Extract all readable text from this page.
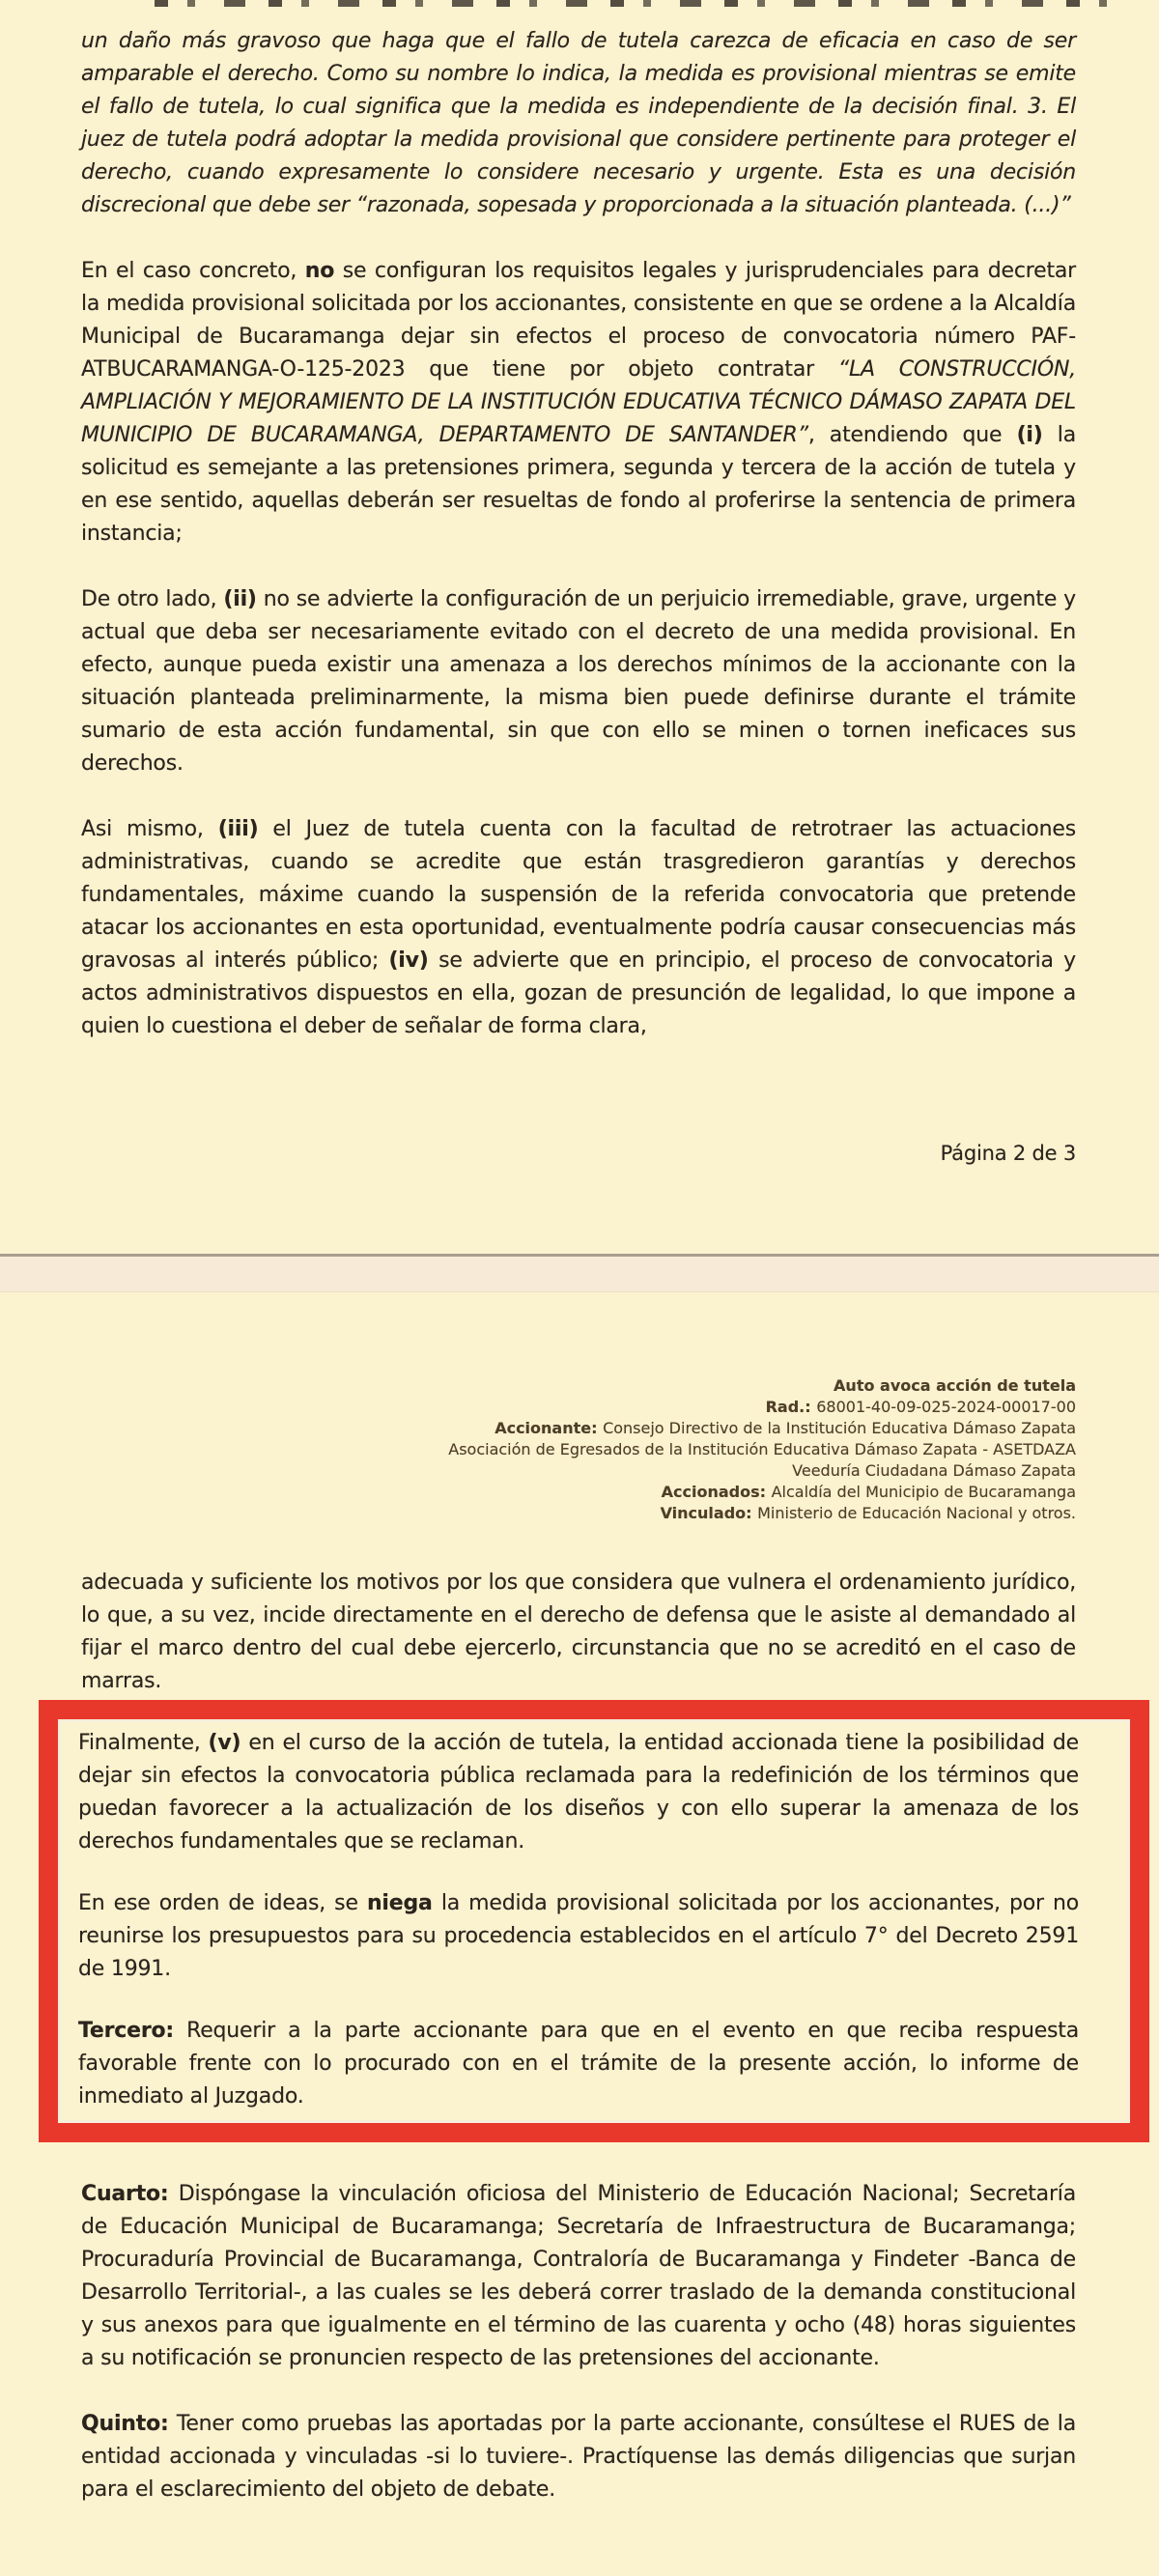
un daño más gravoso que haga que el fallo de tutela carezca de eficacia en caso de ser amparable el derecho. Como su nombre lo indica, la medida es provisional mientras se emite el fallo de tutela, lo cual significa que la medida es independiente de la decisión final. 3. El juez de tutela podrá adoptar la medida provisional que considere pertinente para proteger el derecho, cuando expresamente lo considere necesario y urgente. Esta es una decisión discrecional que debe ser “razonada, sopesada y proporcionada a la situación planteada. (...)”

En el caso concreto, no se configuran los requisitos legales y jurisprudenciales para decretar la medida provisional solicitada por los accionantes, consistente en que se ordene a la Alcaldía Municipal de Bucaramanga dejar sin efectos el proceso de convocatoria número PAF- ATBUCARAMANGA-O-125-2023 que tiene por objeto contratar “LA CONSTRUCCIÓN, AMPLIACIÓN Y MEJORAMIENTO DE LA INSTITUCIÓN EDUCATIVA TÉCNICO DÁMASO ZAPATA DEL MUNICIPIO DE BUCARAMANGA, DEPARTAMENTO DE SANTANDER”, atendiendo que (i) la solicitud es semejante a las pretensiones primera, segunda y tercera de la acción de tutela y en ese sentido, aquellas deberán ser resueltas de fondo al proferirse la sentencia de primera instancia;

De otro lado, (ii) no se advierte la configuración de un perjuicio irremediable, grave, urgente y actual que deba ser necesariamente evitado con el decreto de una medida provisional. En efecto, aunque pueda existir una amenaza a los derechos mínimos de la accionante con la situación planteada preliminarmente, la misma bien puede definirse durante el trámite sumario de esta acción fundamental, sin que con ello se minen o tornen ineficaces sus derechos.

Asi mismo, (iii) el Juez de tutela cuenta con la facultad de retrotraer las actuaciones administrativas, cuando se acredite que están trasgredieron garantías y derechos fundamentales, máxime cuando la suspensión de la referida convocatoria que pretende atacar los accionantes en esta oportunidad, eventualmente podría causar consecuencias más gravosas al interés público; (iv) se advierte que en principio, el proceso de convocatoria y actos administrativos dispuestos en ella, gozan de presunción de legalidad, lo que impone a quien lo cuestiona el deber de señalar de forma clara,

Página 2 de 3
Auto avoca acción de tutela
Rad.: 68001-40-09-025-2024-00017-00
Accionante: Consejo Directivo de la Institución Educativa Dámaso Zapata
Asociación de Egresados de la Institución Educativa Dámaso Zapata - ASETDAZA
Veeduría Ciudadana Dámaso Zapata
Accionados: Alcaldía del Municipio de Bucaramanga
Vinculado: Ministerio de Educación Nacional y otros.

adecuada y suficiente los motivos por los que considera que vulnera el ordenamiento jurídico, lo que, a su vez, incide directamente en el derecho de defensa que le asiste al demandado al fijar el marco dentro del cual debe ejercerlo, circunstancia que no se acreditó en el caso de marras.

Finalmente, (v) en el curso de la acción de tutela, la entidad accionada tiene la posibilidad de dejar sin efectos la convocatoria pública reclamada para la redefinición de los términos que puedan favorecer a la actualización de los diseños y con ello superar la amenaza de los derechos fundamentales que se reclaman.

En ese orden de ideas, se niega la medida provisional solicitada por los accionantes, por no reunirse los presupuestos para su procedencia establecidos en el artículo 7° del Decreto 2591 de 1991.

Tercero: Requerir a la parte accionante para que en el evento en que reciba respuesta favorable frente con lo procurado con en el trámite de la presente acción, lo informe de inmediato al Juzgado.

Cuarto: Dispóngase la vinculación oficiosa del Ministerio de Educación Nacional; Secretaría de Educación Municipal de Bucaramanga; Secretaría de Infraestructura de Bucaramanga; Procuraduría Provincial de Bucaramanga, Contraloría de Bucaramanga y Findeter -Banca de Desarrollo Territorial-, a las cuales se les deberá correr traslado de la demanda constitucional y sus anexos para que igualmente en el término de las cuarenta y ocho (48) horas siguientes a su notificación se pronuncien respecto de las pretensiones del accionante.

Quinto: Tener como pruebas las aportadas por la parte accionante, consúltese el RUES de la entidad accionada y vinculadas -si lo tuviere-. Practíquense las demás diligencias que surjan para el esclarecimiento del objeto de debate.
